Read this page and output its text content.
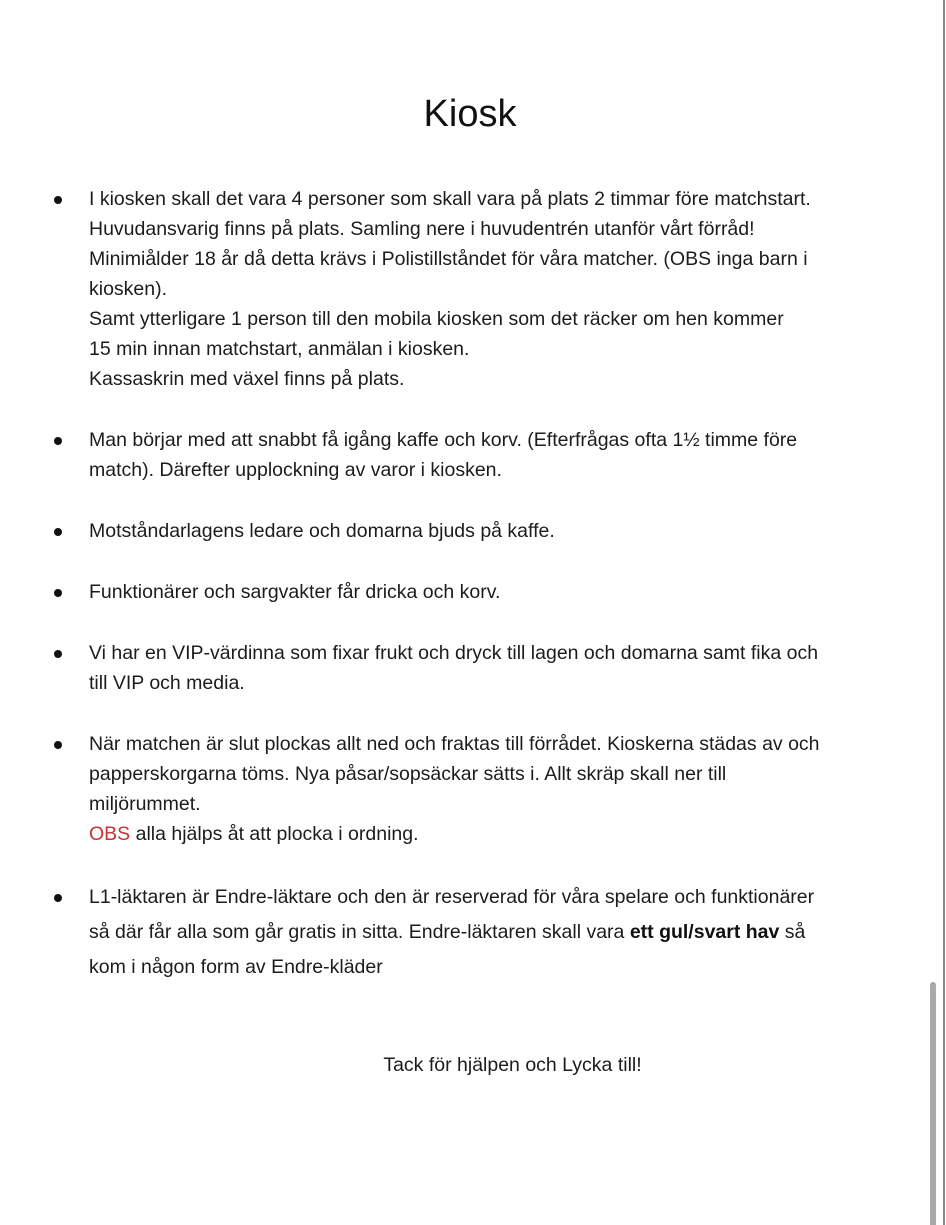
Kiosk
I kiosken skall det vara 4 personer som skall vara på plats 2 timmar före matchstart.
Huvudansvarig finns på plats. Samling nere i huvudentrén utanför vårt förråd!
Minimiålder 18 år då detta krävs i Polistillståndet för våra matcher. (OBS inga barn i
kiosken).
Samt ytterligare 1 person till den mobila kiosken som det räcker om hen kommer
15 min innan matchstart, anmälan i kiosken.
Kassaskrin med växel finns på plats.
Man börjar med att snabbt få igång kaffe och korv. (Efterfrågas ofta 1½ timme före
match). Därefter upplockning av varor i kiosken.
Motståndarlagens ledare och domarna bjuds på kaffe.
Funktionärer och sargvakter får dricka och korv.
Vi har en VIP-värdinna som fixar frukt och dryck till lagen och domarna samt fika och
till VIP och media.
När matchen är slut plockas allt ned och fraktas till förrådet. Kioskerna städas av och
papperskorgarna töms. Nya påsar/sopsäckar sätts i. Allt skräp skall ner till
miljörummet.
OBS alla hjälps åt att plocka i ordning.
L1-läktaren är Endre-läktare och den är reserverad för våra spelare och funktionärer
så där får alla som går gratis in sitta. Endre-läktaren skall vara ett gul/svart hav så
kom i någon form av Endre-kläder
Tack för hjälpen och Lycka till!
